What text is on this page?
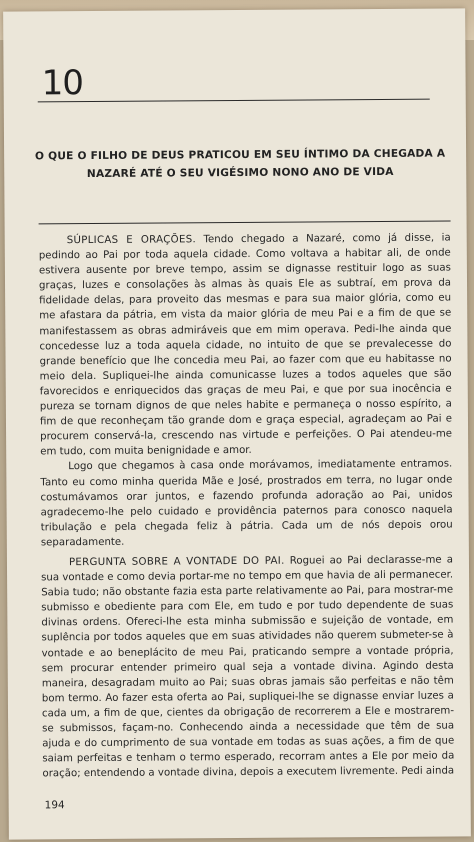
10
O QUE O FILHO DE DEUS PRATICOU EM SEU ÍNTIMO DA CHEGADA A NAZARÉ ATÉ O SEU VIGÉSIMO NONO ANO DE VIDA

SÚPLICAS E ORAÇÕES. Tendo chegado a Nazaré, como já disse, ia pedindo ao Pai por toda aquela cidade. Como voltava a habitar ali, de onde estivera ausente por breve tempo, assim se dignasse restituir logo as suas graças, luzes e consolações às almas às quais Ele as subtraí, em prova da fidelidade delas, para proveito das mesmas e para sua maior glória, como eu me afastara da pátria, em vista da maior glória de meu Pai e a fim de que se manifestassem as obras admiráveis que em mim operava. Pedi-lhe ainda que concedesse luz a toda aquela cidade, no intuito de que se prevalecesse do grande benefício que lhe concedia meu Pai, ao fazer com que eu habitasse no meio dela. Supliquei-lhe ainda comunicasse luzes a todos aqueles que são favorecidos e enriquecidos das graças de meu Pai, e que por sua inocência e pureza se tornam dignos de que neles habite e permaneça o nosso espírito, a fim de que reconheçam tão grande dom e graça especial, agradeçam ao Pai e procurem conservá-la, crescendo nas virtude e perfeições. O Pai atendeu-me em tudo, com muita benignidade e amor.

Logo que chegamos à casa onde morávamos, imediatamente entramos. Tanto eu como minha querida Mãe e José, prostrados em terra, no lugar onde costumávamos orar juntos, e fazendo profunda adoração ao Pai, unidos agradecemo-lhe pelo cuidado e providência paternos para conosco naquela tribulação e pela chegada feliz à pátria. Cada um de nós depois orou separadamente.

PERGUNTA SOBRE A VONTADE DO PAI. Roguei ao Pai declarasse-me a sua vontade e como devia portar-me no tempo em que havia de ali permanecer. Sabia tudo; não obstante fazia esta parte relativamente ao Pai, para mostrar-me submisso e obediente para com Ele, em tudo e por tudo dependente de suas divinas ordens. Ofereci-lhe esta minha submissão e sujeição de vontade, em suplência por todos aqueles que em suas atividades não querem submeter-se à vontade e ao beneplácito de meu Pai, praticando sempre a vontade própria, sem procurar entender primeiro qual seja a vontade divina. Agindo desta maneira, desagradam muito ao Pai; suas obras jamais são perfeitas e não têm bom termo. Ao fazer esta oferta ao Pai, supliquei-lhe se dignasse enviar luzes a cada um, a fim de que, cientes da obrigação de recorrerem a Ele e mostrarem-se submissos, façam-no. Conhecendo ainda a necessidade que têm de sua ajuda e do cumprimento de sua vontade em todas as suas ações, a fim de que saiam perfeitas e tenham o termo esperado, recorram antes a Ele por meio da oração; entendendo a vontade divina, depois a executem livremente. Pedi ainda

194
